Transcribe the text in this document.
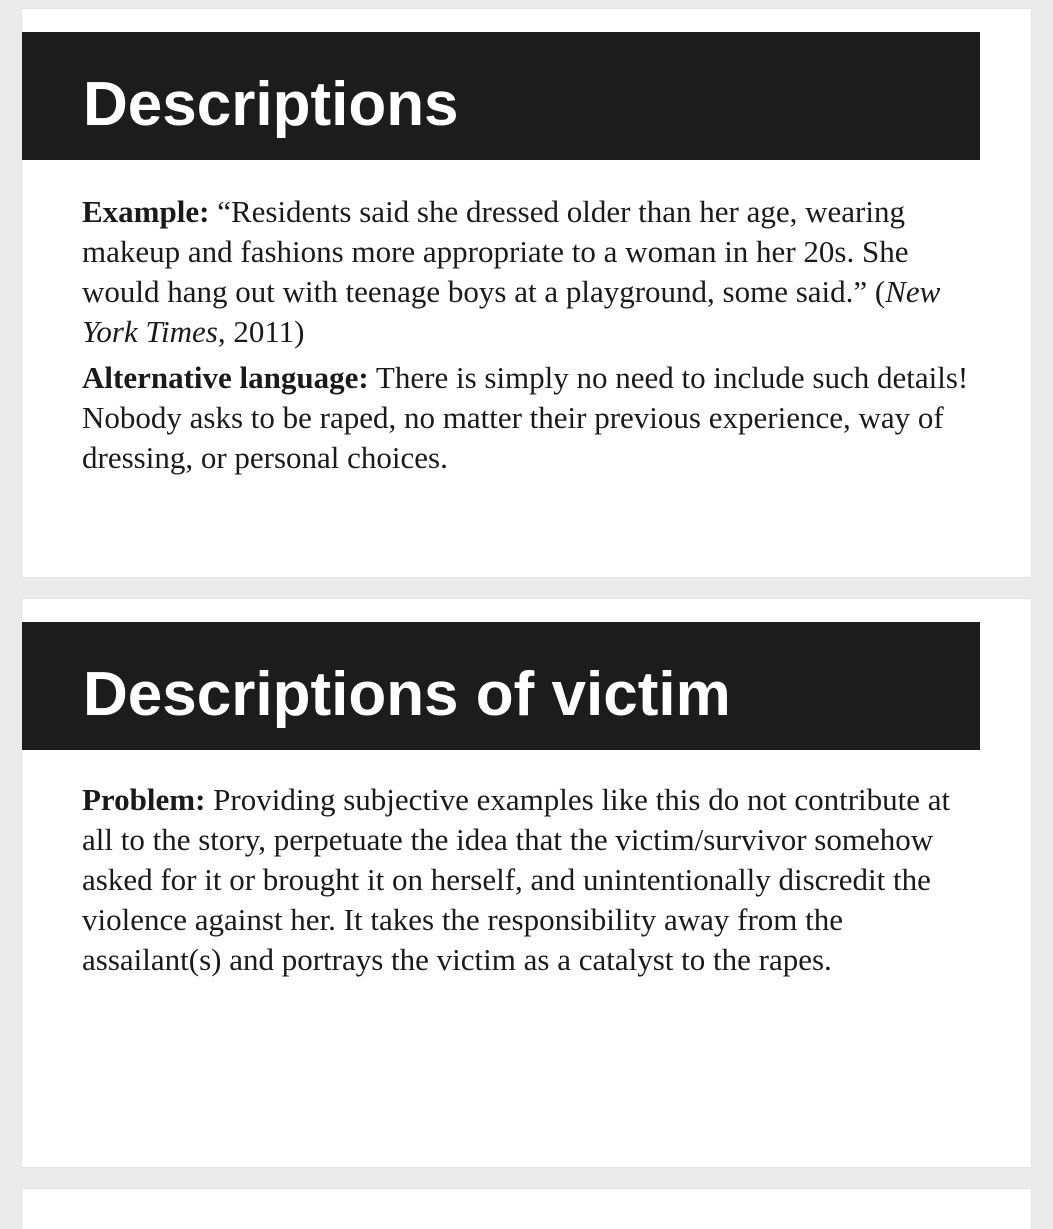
Descriptions

Example: “Residents said she dressed older than her age, wearing makeup and fashions more appropriate to a woman in her 20s. She would hang out with teenage boys at a playground, some said.” (New York Times, 2011)

Alternative language: There is simply no need to include such details! Nobody asks to be raped, no matter their previous experience, way of dressing, or personal choices.

Descriptions of victim

Problem: Providing subjective examples like this do not contribute at all to the story, perpetuate the idea that the victim/survivor somehow asked for it or brought it on herself, and unintentionally discredit the violence against her. It takes the responsibility away from the assailant(s) and portrays the victim as a catalyst to the rapes.
